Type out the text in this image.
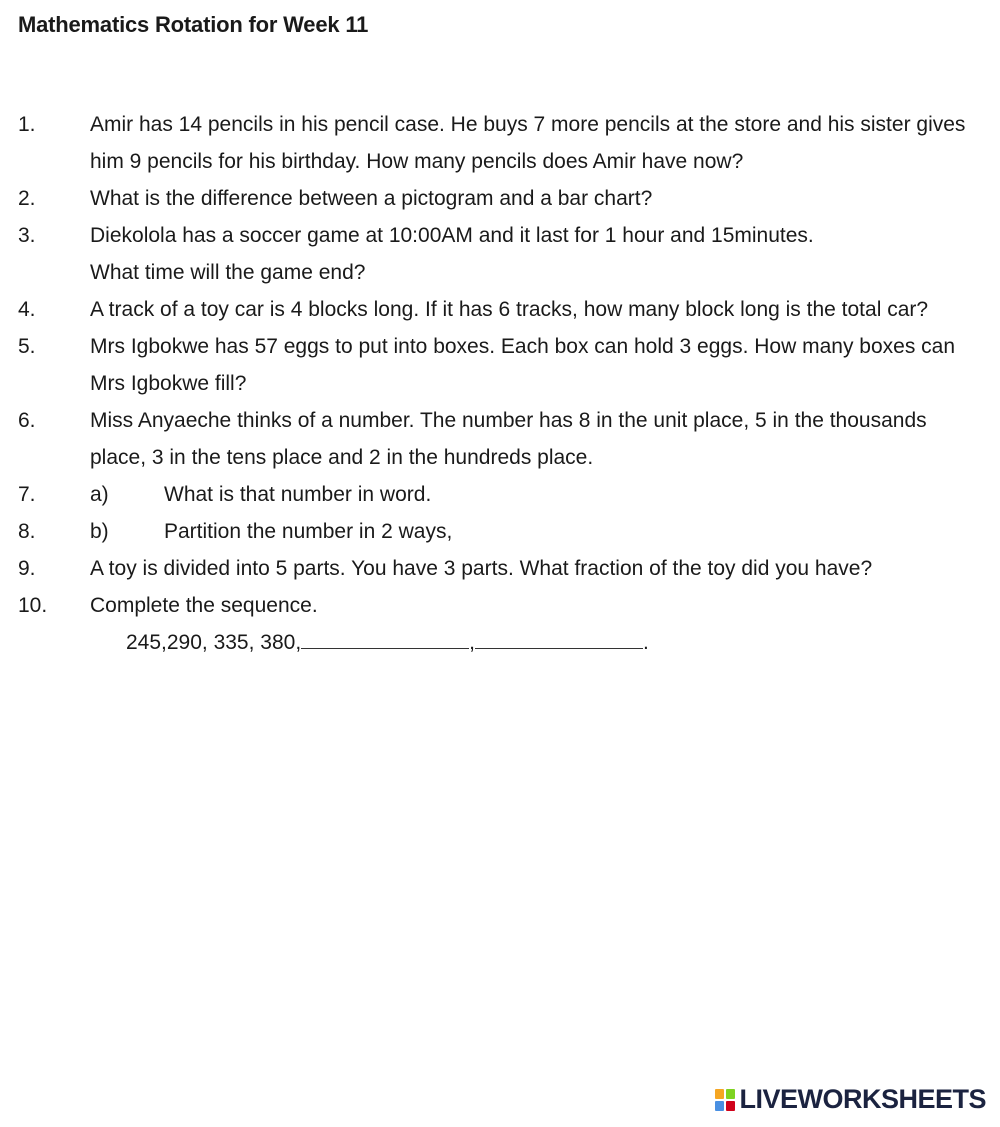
Mathematics Rotation for Week 11
1.	Amir has 14 pencils in his pencil case. He buys 7 more pencils at the store and his sister gives him 9 pencils for his birthday. How many pencils does Amir have now?
2.	What is the difference between a pictogram and a bar chart?
3.	Diekolola has a soccer game at 10:00AM and it last for 1 hour and 15minutes. What time will the game end?
4.	A track of a toy car is 4 blocks long. If it has 6 tracks, how many block long is the total car?
5.	Mrs Igbokwe has 57 eggs to put into boxes. Each box can hold 3 eggs. How many boxes can Mrs Igbokwe fill?
6.	Miss Anyaeche thinks of a number. The number has 8 in the unit place, 5 in the thousands place, 3 in the tens place and 2 in the hundreds place.
7.	a)	What is that number in word.
8.	b)	Partition the number in 2 ways,
9.	A toy is divided into 5 parts. You have 3 parts. What fraction of the toy did you have?
10.	Complete the sequence.
245,290, 335, 380,	,	.
LIVEWORKSHEETS
